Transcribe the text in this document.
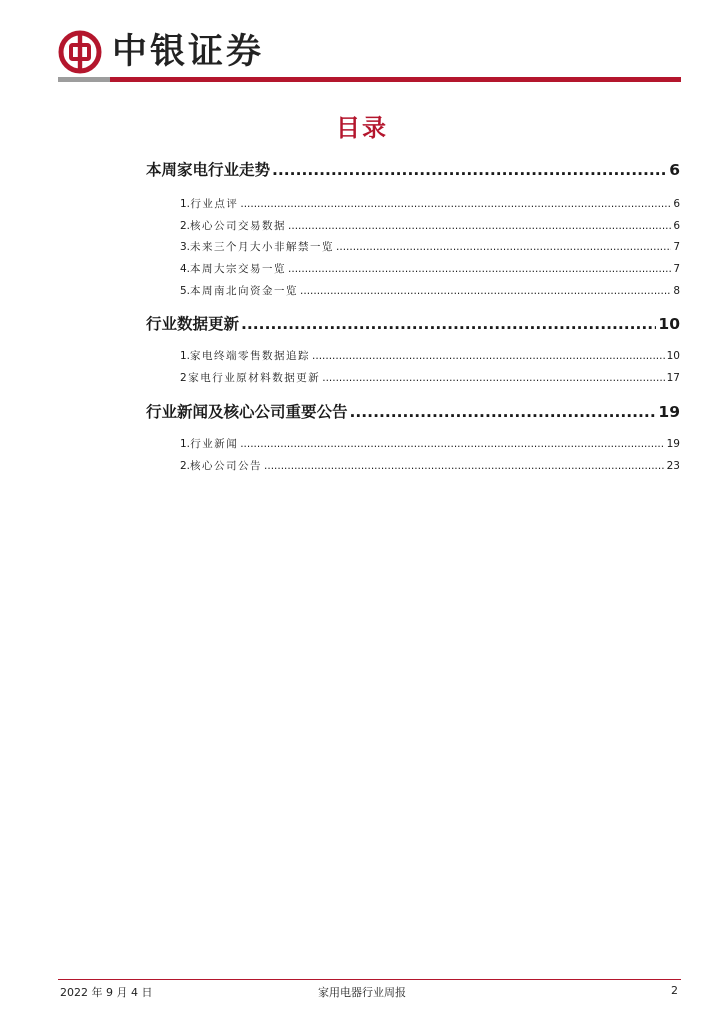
中银证券
目录
本周家电行业走势 .....	6
1. 行业点评 .....	6
2. 核心公司交易数据 .....	6
3. 未来三个月大小非解禁一览 .....	7
4. 本周大宗交易一览 .....	7
5. 本周南北向资金一览 .....	8
行业数据更新 .....	10
1. 家电终端零售数据追踪 .....	10
2 家电行业原材料数据更新 .....	17
行业新闻及核心公司重要公告 .....	19
1. 行业新闻 .....	19
2. 核心公司公告 .....	23
2022 年 9 月 4 日	家用电器行业周报	2
